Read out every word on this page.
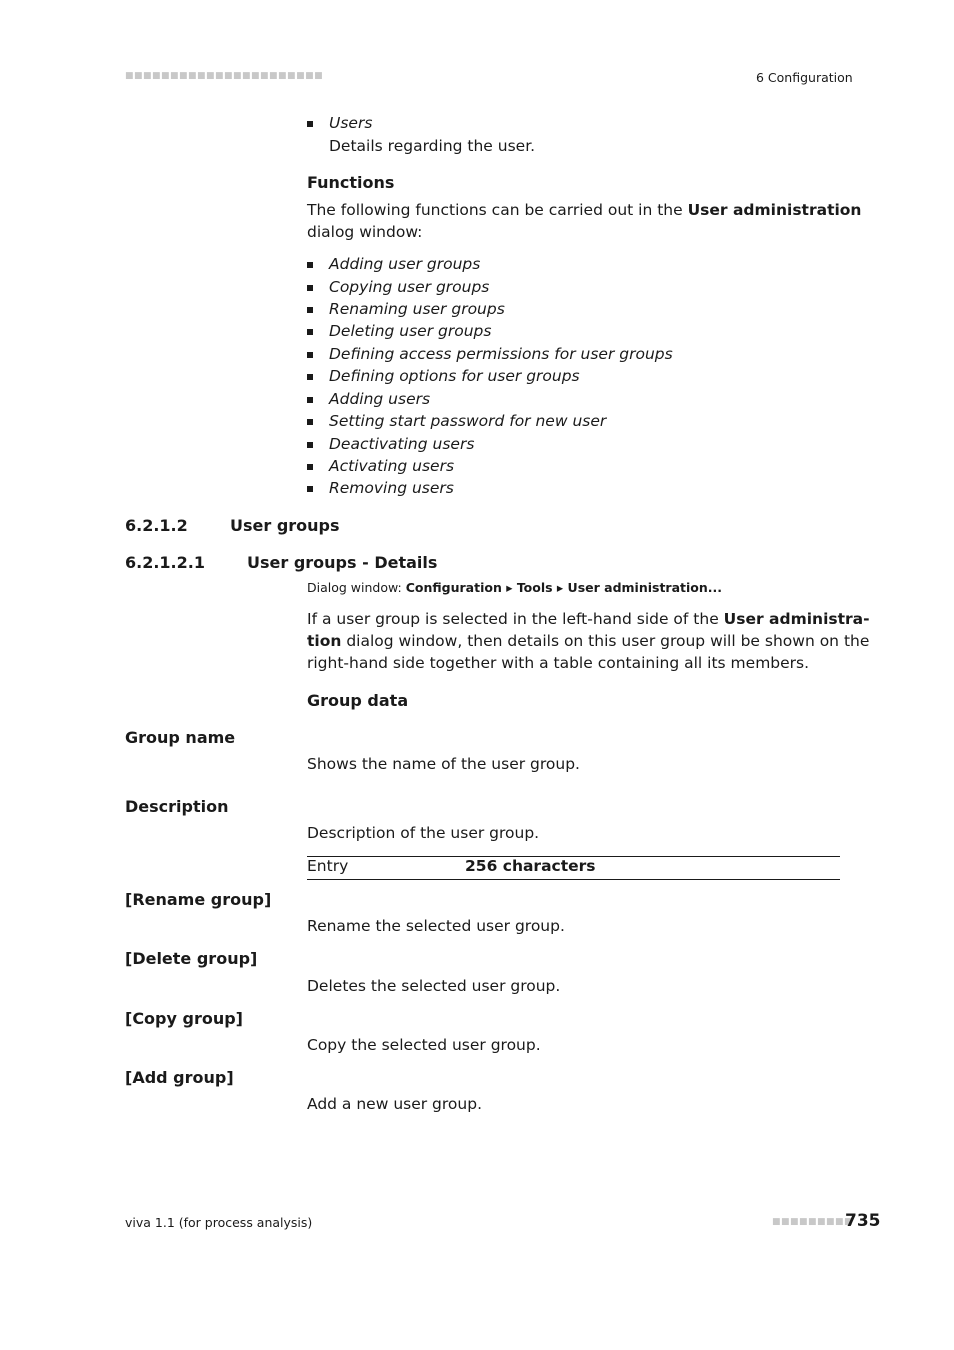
■■■■■■■■■■■■■■■■■■■■■■	6 Configuration
Users
Details regarding the user.
Functions
The following functions can be carried out in the User administration
dialog window:
Adding user groups
Copying user groups
Renaming user groups
Deleting user groups
Defining access permissions for user groups
Defining options for user groups
Adding users
Setting start password for new user
Deactivating users
Activating users
Removing users
6.2.1.2	User groups
6.2.1.2.1	User groups - Details
Dialog window: Configuration ▸ Tools ▸ User administration...
If a user group is selected in the left-hand side of the User administra-
tion dialog window, then details on this user group will be shown on the
right-hand side together with a table containing all its members.
Group data
Group name
Shows the name of the user group.
Description
Description of the user group.
Entry	256 characters
[Rename group]
Rename the selected user group.
[Delete group]
Deletes the selected user group.
[Copy group]
Copy the selected user group.
[Add group]
Add a new user group.
viva 1.1 (for process analysis)	■■■■■■■■■
735
